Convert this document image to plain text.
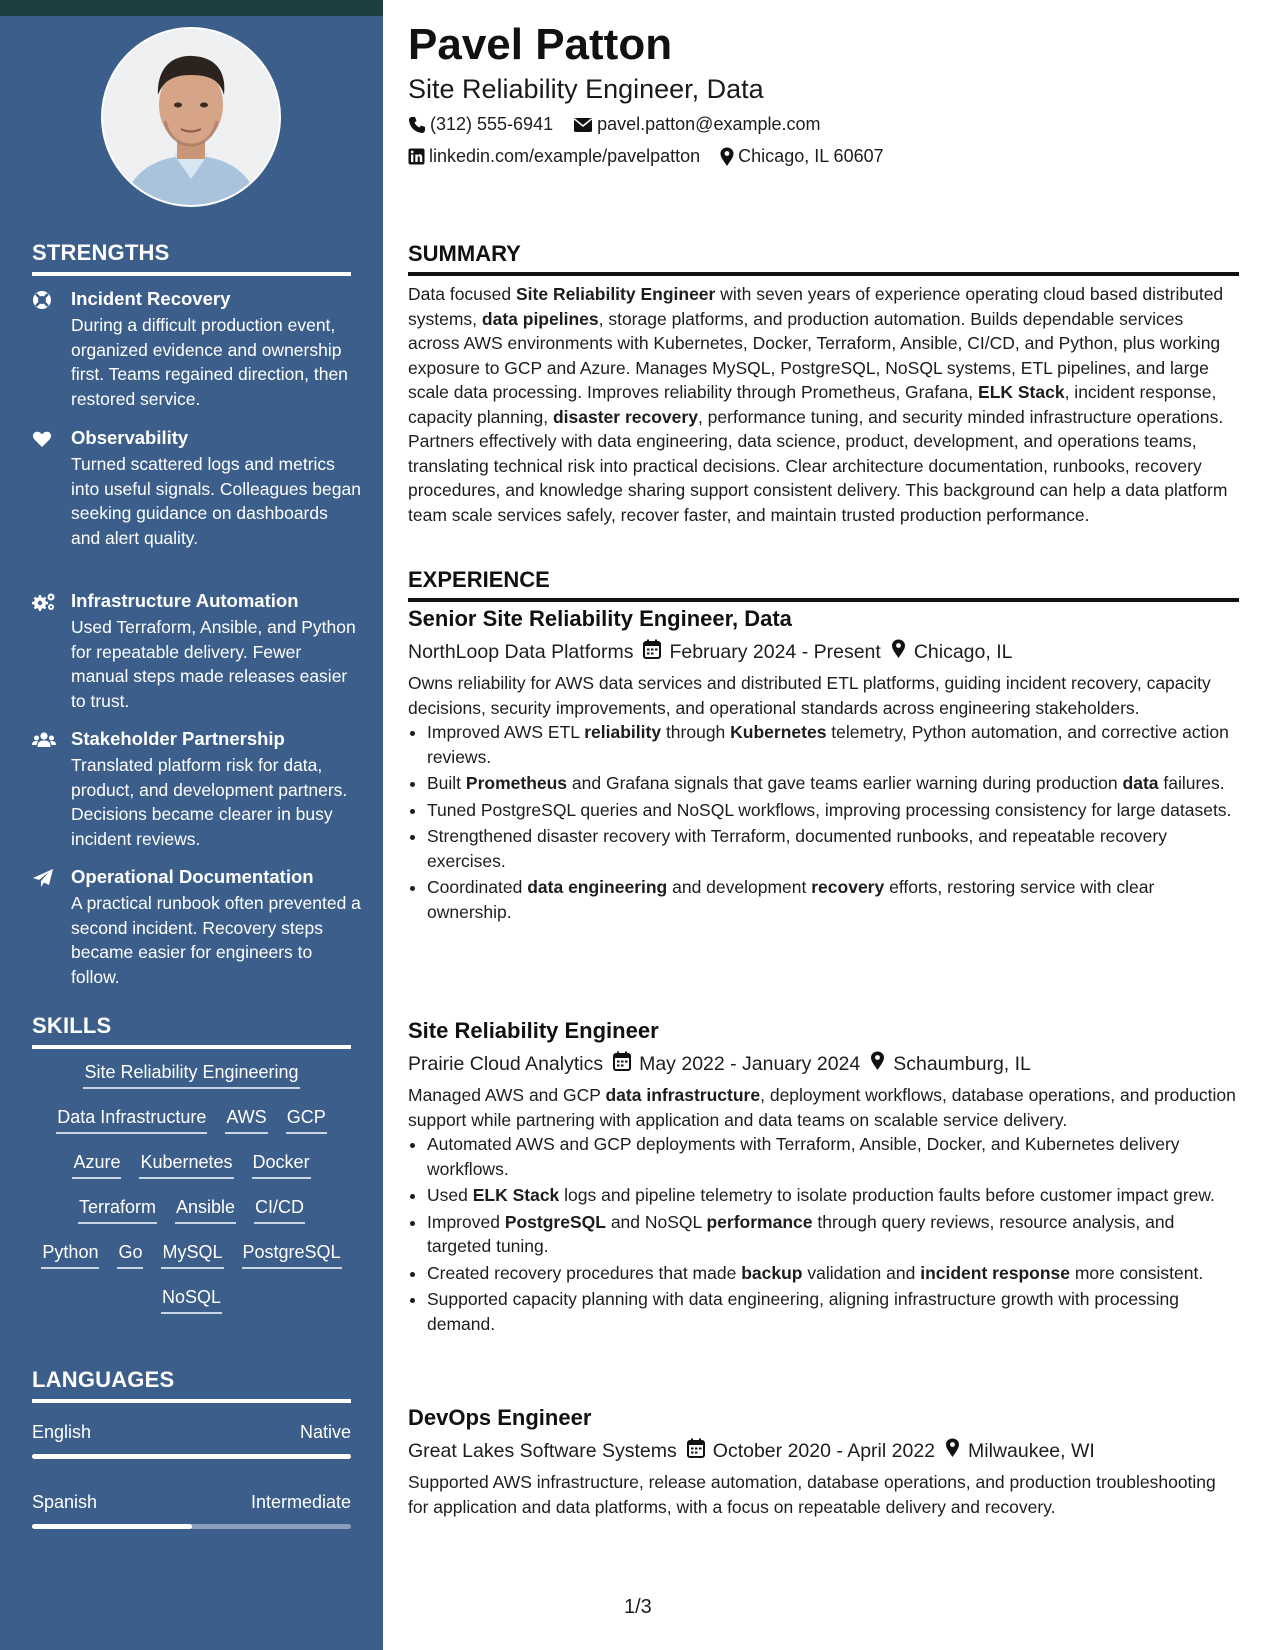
STRENGTHS
Incident Recovery
During a difficult production event, organized evidence and ownership first. Teams regained direction, then restored service.
Observability
Turned scattered logs and metrics into useful signals. Colleagues began seeking guidance on dashboards and alert quality.
Infrastructure Automation
Used Terraform, Ansible, and Python for repeatable delivery. Fewer manual steps made releases easier to trust.
Stakeholder Partnership
Translated platform risk for data, product, and development partners. Decisions became clearer in busy incident reviews.
Operational Documentation
A practical runbook often prevented a second incident. Recovery steps became easier for engineers to follow.
SKILLS
Site Reliability Engineering
Data Infrastructure AWS GCP
Azure Kubernetes Docker
Terraform Ansible CI/CD
Python Go MySQL PostgreSQL
NoSQL
LANGUAGES
English	Native
Spanish	Intermediate
Pavel Patton
Site Reliability Engineer, Data
(312) 555-6941 pavel.patton@example.com
linkedin.com/example/pavelpatton Chicago, IL 60607
SUMMARY
Data focused Site Reliability Engineer with seven years of experience operating cloud based distributed systems, data pipelines, storage platforms, and production automation. Builds dependable services across AWS environments with Kubernetes, Docker, Terraform, Ansible, CI/CD, and Python, plus working exposure to GCP and Azure. Manages MySQL, PostgreSQL, NoSQL systems, ETL pipelines, and large scale data processing. Improves reliability through Prometheus, Grafana, ELK Stack, incident response, capacity planning, disaster recovery, performance tuning, and security minded infrastructure operations. Partners effectively with data engineering, data science, product, development, and operations teams, translating technical risk into practical decisions. Clear architecture documentation, runbooks, recovery procedures, and knowledge sharing support consistent delivery. This background can help a data platform team scale services safely, recover faster, and maintain trusted production performance.
EXPERIENCE
Senior Site Reliability Engineer, Data
NorthLoop Data Platforms February 2024 - Present Chicago, IL
Owns reliability for AWS data services and distributed ETL platforms, guiding incident recovery, capacity decisions, security improvements, and operational standards across engineering stakeholders.
• Improved AWS ETL reliability through Kubernetes telemetry, Python automation, and corrective action reviews.
• Built Prometheus and Grafana signals that gave teams earlier warning during production data failures.
• Tuned PostgreSQL queries and NoSQL workflows, improving processing consistency for large datasets.
• Strengthened disaster recovery with Terraform, documented runbooks, and repeatable recovery exercises.
• Coordinated data engineering and development recovery efforts, restoring service with clear ownership.
Site Reliability Engineer
Prairie Cloud Analytics May 2022 - January 2024 Schaumburg, IL
Managed AWS and GCP data infrastructure, deployment workflows, database operations, and production support while partnering with application and data teams on scalable service delivery.
• Automated AWS and GCP deployments with Terraform, Ansible, Docker, and Kubernetes delivery workflows.
• Used ELK Stack logs and pipeline telemetry to isolate production faults before customer impact grew.
• Improved PostgreSQL and NoSQL performance through query reviews, resource analysis, and targeted tuning.
• Created recovery procedures that made backup validation and incident response more consistent.
• Supported capacity planning with data engineering, aligning infrastructure growth with processing demand.
DevOps Engineer
Great Lakes Software Systems October 2020 - April 2022 Milwaukee, WI
Supported AWS infrastructure, release automation, database operations, and production troubleshooting for application and data platforms, with a focus on repeatable delivery and recovery.
1/3
